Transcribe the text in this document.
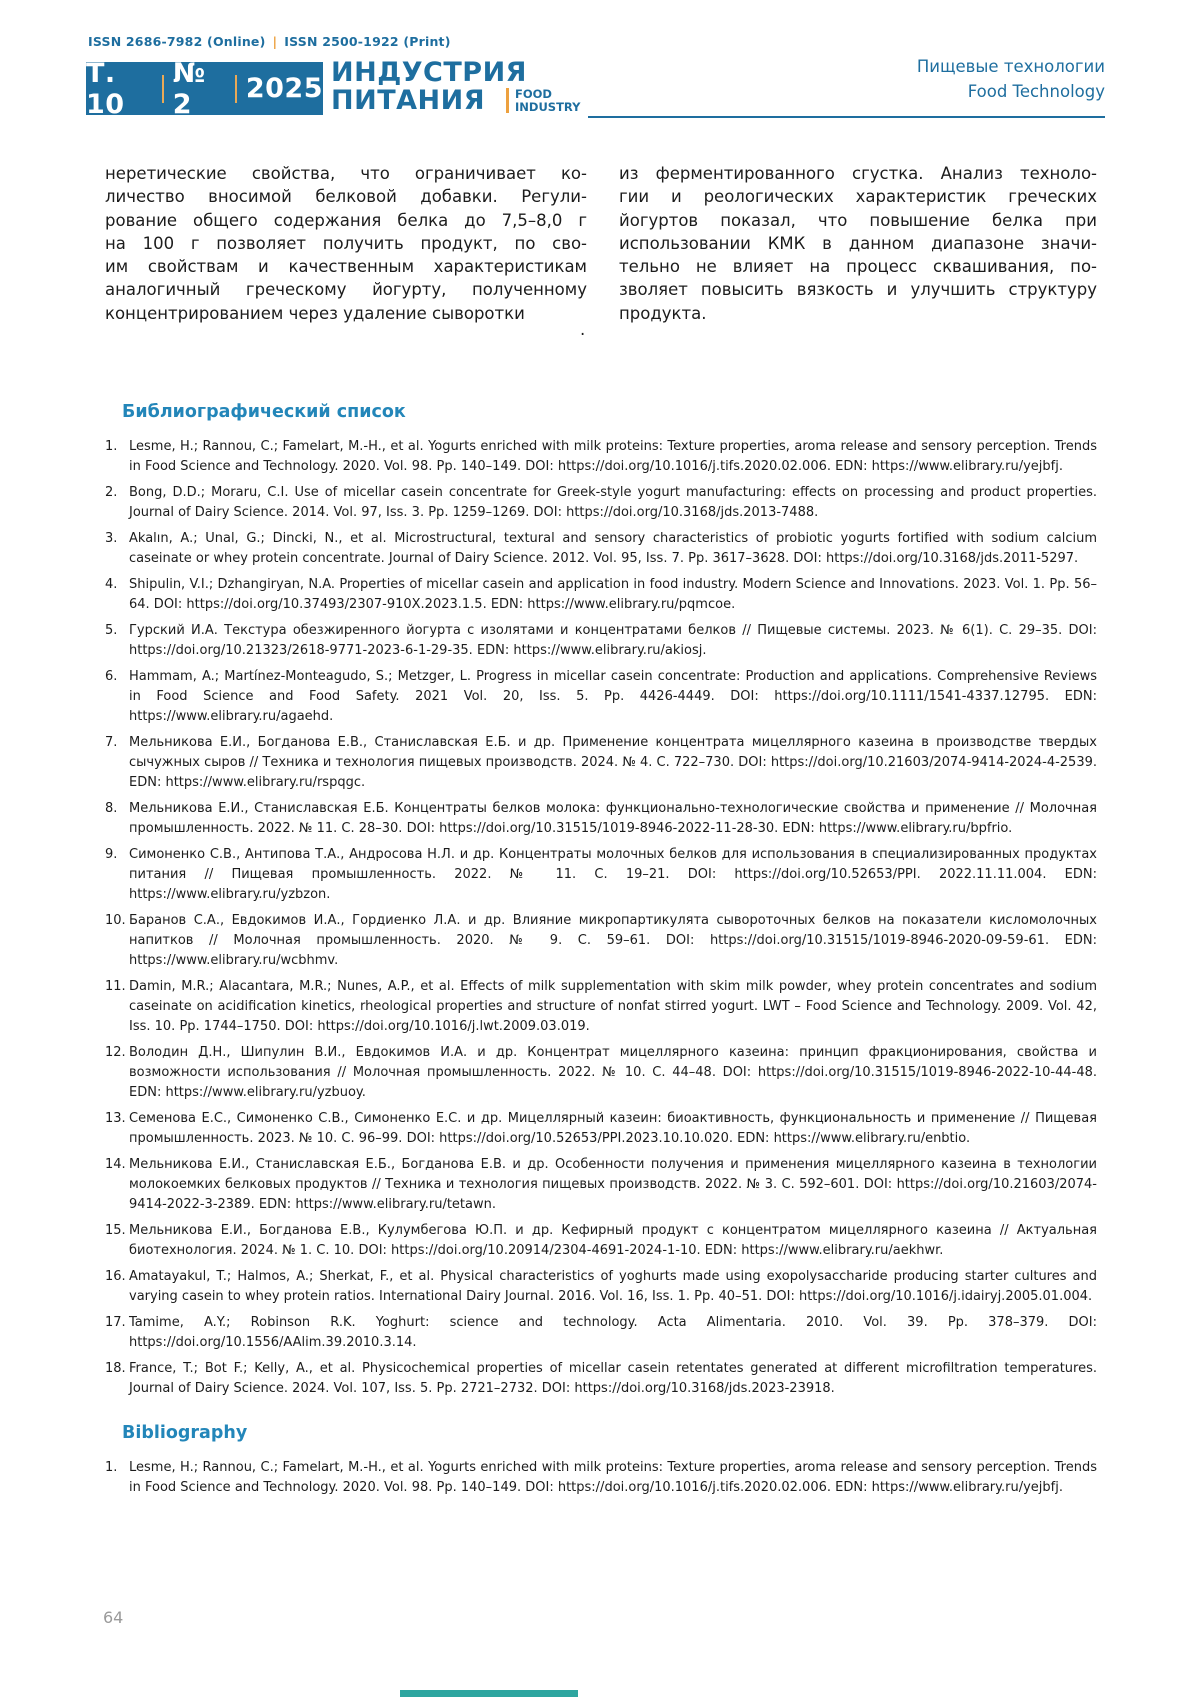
ISSN 2686-7982 (Online) | ISSN 2500-1922 (Print)
Т. 10
№ 2	2025
ИНДУСТРИЯ
ПИТАНИЯ	FOOD
INDUSTRY
Пищевые технологии
Food Technology
неретические свойства, что ограничивает ко-
личество вносимой белковой добавки. Регули-
рование общего содержания белка до 7,5–8,0 г
на 100 г позволяет получить продукт, по сво-
им свойствам и качественным характеристикам
аналогичный греческому йогурту, полученному
концентрированием через удаление сыворотки
из ферментированного сгустка. Анализ техноло-
гии и реологических характеристик греческих
йогуртов показал, что повышение белка при
использовании КМК в данном диапазоне значи-
тельно не влияет на процесс сквашивания, по-
зволяет повысить вязкость и улучшить структуру
продукта.
.
Библиографический список
1. Lesme, H.; Rannou, C.; Famelart, M.-H., et al. Yogurts enriched with milk proteins: Texture properties, aroma release and sensory perception. Trends in Food Science and Technology. 2020. Vol. 98. Pp. 140–149. DOI: https://doi.org/10.1016/j.tifs.2020.02.006. EDN: https://www.elibrary.ru/yejbfj.
2. Bong, D.D.; Moraru, C.I. Use of micellar casein concentrate for Greek-style yogurt manufacturing: effects on processing and product properties. Journal of Dairy Science. 2014. Vol. 97, Iss. 3. Pp. 1259–1269. DOI: https://doi.org/10.3168/jds.2013-7488.
3. Akalın, A.; Unal, G.; Dincki, N., et al. Microstructural, textural and sensory characteristics of probiotic yogurts fortified with sodium calcium caseinate or whey protein concentrate. Journal of Dairy Science. 2012. Vol. 95, Iss. 7. Pp. 3617–3628. DOI: https://doi.org/10.3168/jds.2011-5297.
4. Shipulin, V.I.; Dzhangiryan, N.A. Properties of micellar casein and application in food industry. Modern Science and Innovations. 2023. Vol. 1. Pp. 56–64. DOI: https://doi.org/10.37493/2307-910X.2023.1.5. EDN: https://www.elibrary.ru/pqmcoe.
5. Гурский И.А. Текстура обезжиренного йогурта с изолятами и концентратами белков // Пищевые системы. 2023. № 6(1). С. 29–35. DOI: https://doi.org/10.21323/2618-9771-2023-6-1-29-35. EDN: https://www.elibrary.ru/akiosj.
6. Hammam, A.; Martínez-Monteagudo, S.; Metzger, L. Progress in micellar casein concentrate: Production and applications. Comprehensive Reviews in Food Science and Food Safety. 2021 Vol. 20, Iss. 5. Pp. 4426-4449. DOI: https://doi.org/10.1111/1541-4337.12795. EDN: https://www.elibrary.ru/agaehd.
7. Мельникова Е.И., Богданова Е.В., Станиславская Е.Б. и др. Применение концентрата мицеллярного казеина в производстве твердых сычужных сыров // Техника и технология пищевых производств. 2024. № 4. С. 722–730. DOI: https://doi.org/10.21603/2074-9414-2024-4-2539. EDN: https://www.elibrary.ru/rspqgc.
8. Мельникова Е.И., Станиславская Е.Б. Концентраты белков молока: функционально-технологические свойства и применение // Молочная промышленность. 2022. № 11. С. 28–30. DOI: https://doi.org/10.31515/1019-8946-2022-11-28-30. EDN: https://www.elibrary.ru/bpfrio.
9. Симоненко С.В., Антипова Т.А., Андросова Н.Л. и др. Концентраты молочных белков для использования в специализированных продуктах питания // Пищевая промышленность. 2022. № 11. С. 19–21. DOI: https://doi.org/10.52653/PPI. 2022.11.11.004. EDN: https://www.elibrary.ru/yzbzon.
10. Баранов С.А., Евдокимов И.А., Гордиенко Л.А. и др. Влияние микропартикулята сывороточных белков на показатели кисломолочных напитков // Молочная промышленность. 2020. № 9. С. 59–61. DOI: https://doi.org/10.31515/1019-8946-2020-09-59-61. EDN: https://www.elibrary.ru/wcbhmv.
11. Damin, M.R.; Alacantara, M.R.; Nunes, A.P., et al. Effects of milk supplementation with skim milk powder, whey protein concentrates and sodium caseinate on acidification kinetics, rheological properties and structure of nonfat stirred yogurt. LWT – Food Science and Technology. 2009. Vol. 42, Iss. 10. Pp. 1744–1750. DOI: https://doi.org/10.1016/j.lwt.2009.03.019.
12. Володин Д.Н., Шипулин В.И., Евдокимов И.А. и др. Концентрат мицеллярного казеина: принцип фракционирования, свойства и возможности использования // Молочная промышленность. 2022. № 10. С. 44–48. DOI: https://doi.org/10.31515/1019-8946-2022-10-44-48. EDN: https://www.elibrary.ru/yzbuoy.
13. Семенова Е.С., Симоненко С.В., Симоненко Е.С. и др. Мицеллярный казеин: биоактивность, функциональность и применение // Пищевая промышленность. 2023. № 10. С. 96–99. DOI: https://doi.org/10.52653/PPI.2023.10.10.020. EDN: https://www.elibrary.ru/enbtio.
14. Мельникова Е.И., Станиславская Е.Б., Богданова Е.В. и др. Особенности получения и применения мицеллярного казеина в технологии молокоемких белковых продуктов // Техника и технология пищевых производств. 2022. № 3. С. 592–601. DOI: https://doi.org/10.21603/2074-9414-2022-3-2389. EDN: https://www.elibrary.ru/tetawn.
15. Мельникова Е.И., Богданова Е.В., Кулумбегова Ю.П. и др. Кефирный продукт с концентратом мицеллярного казеина // Актуальная биотехнология. 2024. № 1. С. 10. DOI: https://doi.org/10.20914/2304-4691-2024-1-10. EDN: https://www.elibrary.ru/aekhwr.
16. Amatayakul, T.; Halmos, A.; Sherkat, F., et al. Physical characteristics of yoghurts made using exopolysaccharide producing starter cultures and varying casein to whey protein ratios. International Dairy Journal. 2016. Vol. 16, Iss. 1. Pp. 40–51. DOI: https://doi.org/10.1016/j.idairyj.2005.01.004.
17. Tamime, A.Y.; Robinson R.K. Yoghurt: science and technology. Acta Alimentaria. 2010. Vol. 39. Pp. 378–379. DOI: https://doi.org/10.1556/AAlim.39.2010.3.14.
18. France, T.; Bot F.; Kelly, A., et al. Physicochemical properties of micellar casein retentates generated at different microfiltration temperatures. Journal of Dairy Science. 2024. Vol. 107, Iss. 5. Pp. 2721–2732. DOI: https://doi.org/10.3168/jds.2023-23918.
Bibliography
1. Lesme, H.; Rannou, C.; Famelart, M.-H., et al. Yogurts enriched with milk proteins: Texture properties, aroma release and sensory perception. Trends in Food Science and Technology. 2020. Vol. 98. Pp. 140–149. DOI: https://doi.org/10.1016/j.tifs.2020.02.006. EDN: https://www.elibrary.ru/yejbfj.
64
